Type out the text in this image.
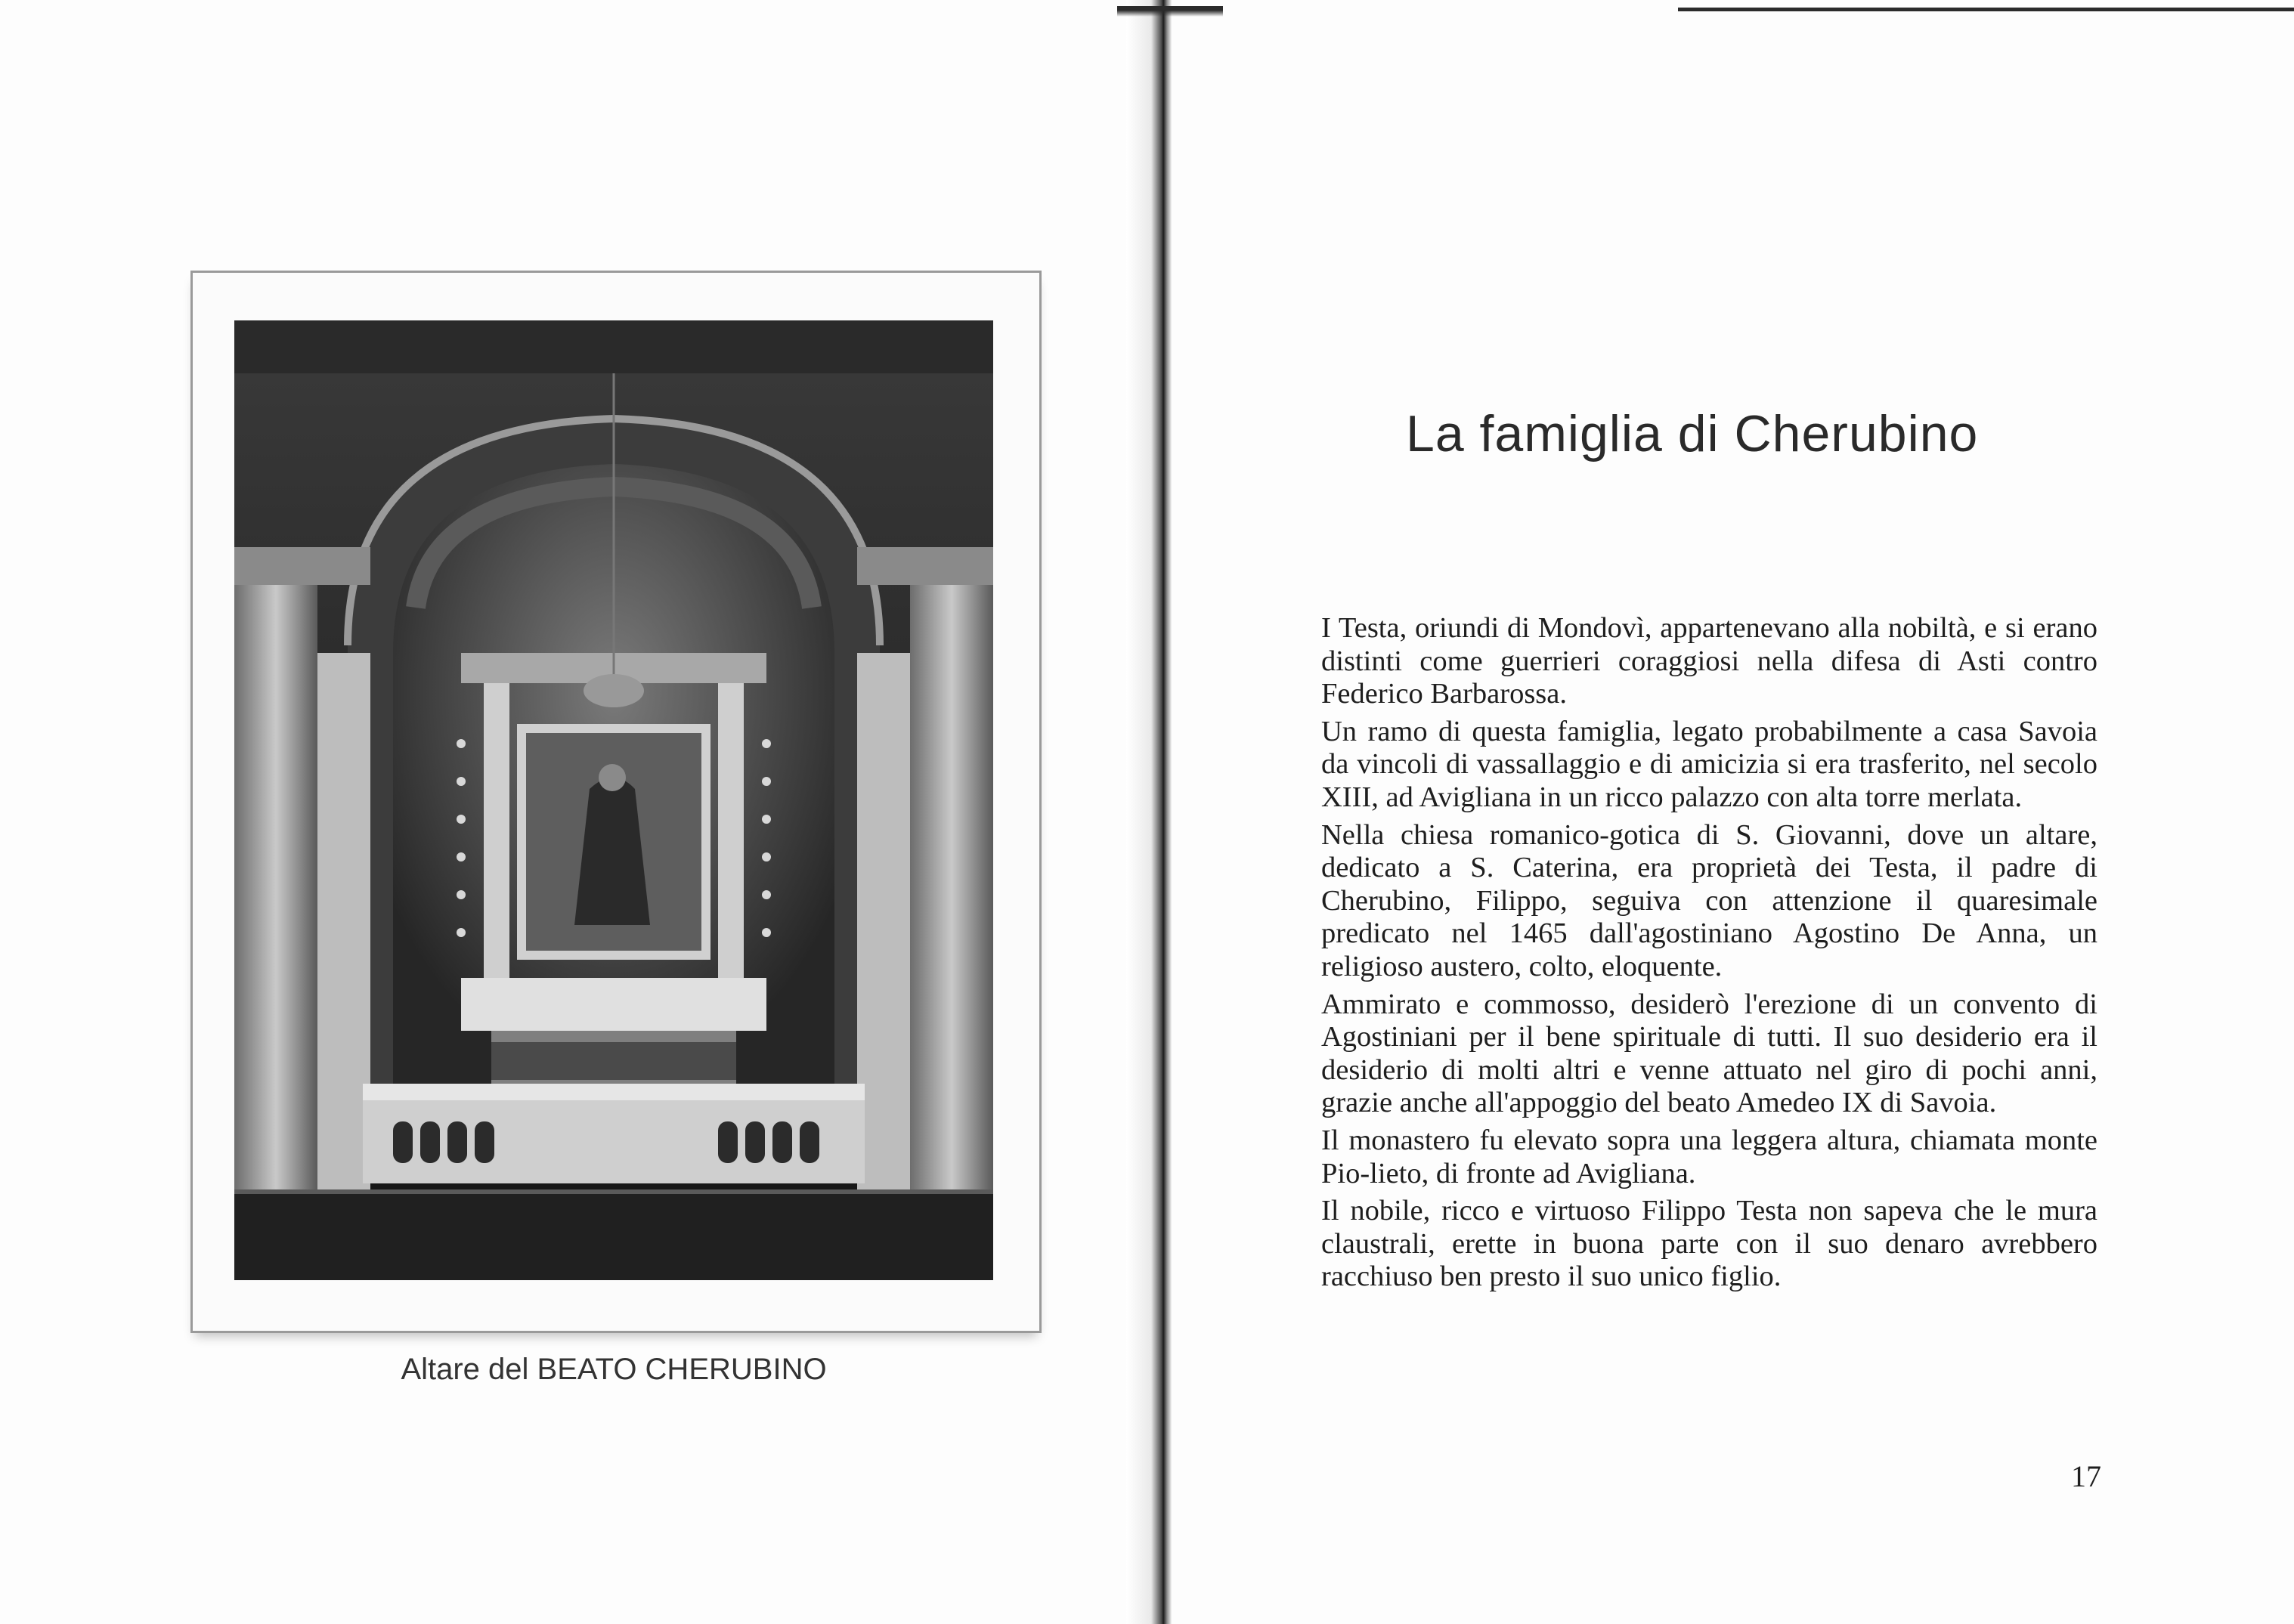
Altare del BEATO CHERUBINO
La famiglia di Cherubino

I Testa, oriundi di Mondovì, appartenevano alla nobiltà, e si erano distinti come guerrieri coraggiosi nella difesa di Asti contro Federico Barbarossa.

Un ramo di questa famiglia, legato probabilmente a casa Savoia da vincoli di vassallaggio e di amicizia si era trasferito, nel secolo XIII, ad Avigliana in un ricco palazzo con alta torre merlata.

Nella chiesa romanico-gotica di S. Giovanni, dove un altare, dedicato a S. Caterina, era proprietà dei Testa, il padre di Cherubino, Filippo, seguiva con attenzione il quaresimale predicato nel 1465 dall'agostiniano Agostino De Anna, un religioso austero, colto, eloquente.

Ammirato e commosso, desiderò l'erezione di un convento di Agostiniani per il bene spirituale di tutti. Il suo desiderio era il desiderio di molti altri e venne attuato nel giro di pochi anni, grazie anche all'appoggio del beato Amedeo IX di Savoia.

Il monastero fu elevato sopra una leggera altura, chiamata monte Pio-lieto, di fronte ad Avigliana.

Il nobile, ricco e virtuoso Filippo Testa non sapeva che le mura claustrali, erette in buona parte con il suo denaro avrebbero racchiuso ben presto il suo unico figlio.

17
